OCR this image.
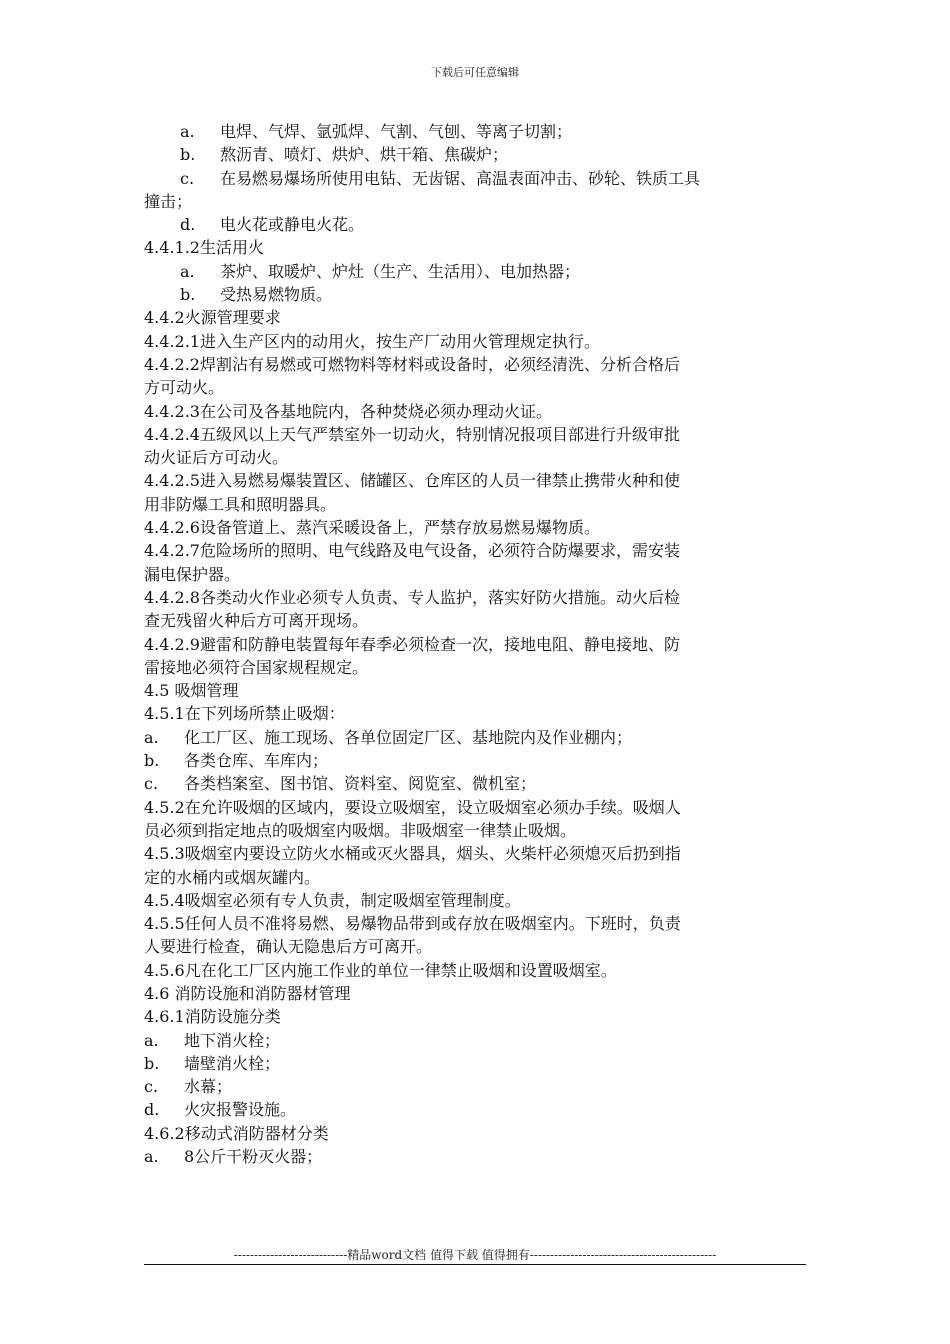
下载后可任意编辑
a. 电焊、气焊、氩弧焊、气割、气刨、等离子切割；
b. 熬沥青、喷灯、烘炉、烘干箱、焦碳炉；
c. 在易燃易爆场所使用电钻、无齿锯、高温表面冲击、砂轮、铁质工具
撞击；
d. 电火花或静电火花。
4.4.1.2生活用火
a. 茶炉、取暖炉、炉灶（生产、生活用）、电加热器；
b. 受热易燃物质。
4.4.2火源管理要求
4.4.2.1进入生产区内的动用火，按生产厂动用火管理规定执行。
4.4.2.2焊割沾有易燃或可燃物料等材料或设备时，必须经清洗、分析合格后
方可动火。
4.4.2.3在公司及各基地院内，各种焚烧必须办理动火证。
4.4.2.4五级风以上天气严禁室外一切动火，特别情况报项目部进行升级审批
动火证后方可动火。
4.4.2.5进入易燃易爆装置区、储罐区、仓库区的人员一律禁止携带火种和使
用非防爆工具和照明器具。
4.4.2.6设备管道上、蒸汽采暖设备上，严禁存放易燃易爆物质。
4.4.2.7危险场所的照明、电气线路及电气设备，必须符合防爆要求，需安装
漏电保护器。
4.4.2.8各类动火作业必须专人负责、专人监护，落实好防火措施。动火后检
查无残留火种后方可离开现场。
4.4.2.9避雷和防静电装置每年春季必须检查一次，接地电阻、静电接地、防
雷接地必须符合国家规程规定。
4.5 吸烟管理
4.5.1在下列场所禁止吸烟：
a. 化工厂区、施工现场、各单位固定厂区、基地院内及作业棚内；
b. 各类仓库、车库内；
c. 各类档案室、图书馆、资料室、阅览室、微机室；
4.5.2在允许吸烟的区域内，要设立吸烟室，设立吸烟室必须办手续。吸烟人
员必须到指定地点的吸烟室内吸烟。非吸烟室一律禁止吸烟。
4.5.3吸烟室内要设立防火水桶或灭火器具，烟头、火柴杆必须熄灭后扔到指
定的水桶内或烟灰罐内。
4.5.4吸烟室必须有专人负责，制定吸烟室管理制度。
4.5.5任何人员不准将易燃、易爆物品带到或存放在吸烟室内。下班时，负责
人要进行检查，确认无隐患后方可离开。
4.5.6凡在化工厂区内施工作业的单位一律禁止吸烟和设置吸烟室。
4.6 消防设施和消防器材管理
4.6.1消防设施分类
a. 地下消火栓；
b. 墙壁消火栓；
c. 水幕；
d. 火灾报警设施。
4.6.2移动式消防器材分类
a. 8公斤干粉灭火器；
----------------------------精品word文档 值得下载 值得拥有----------------------------------------------
